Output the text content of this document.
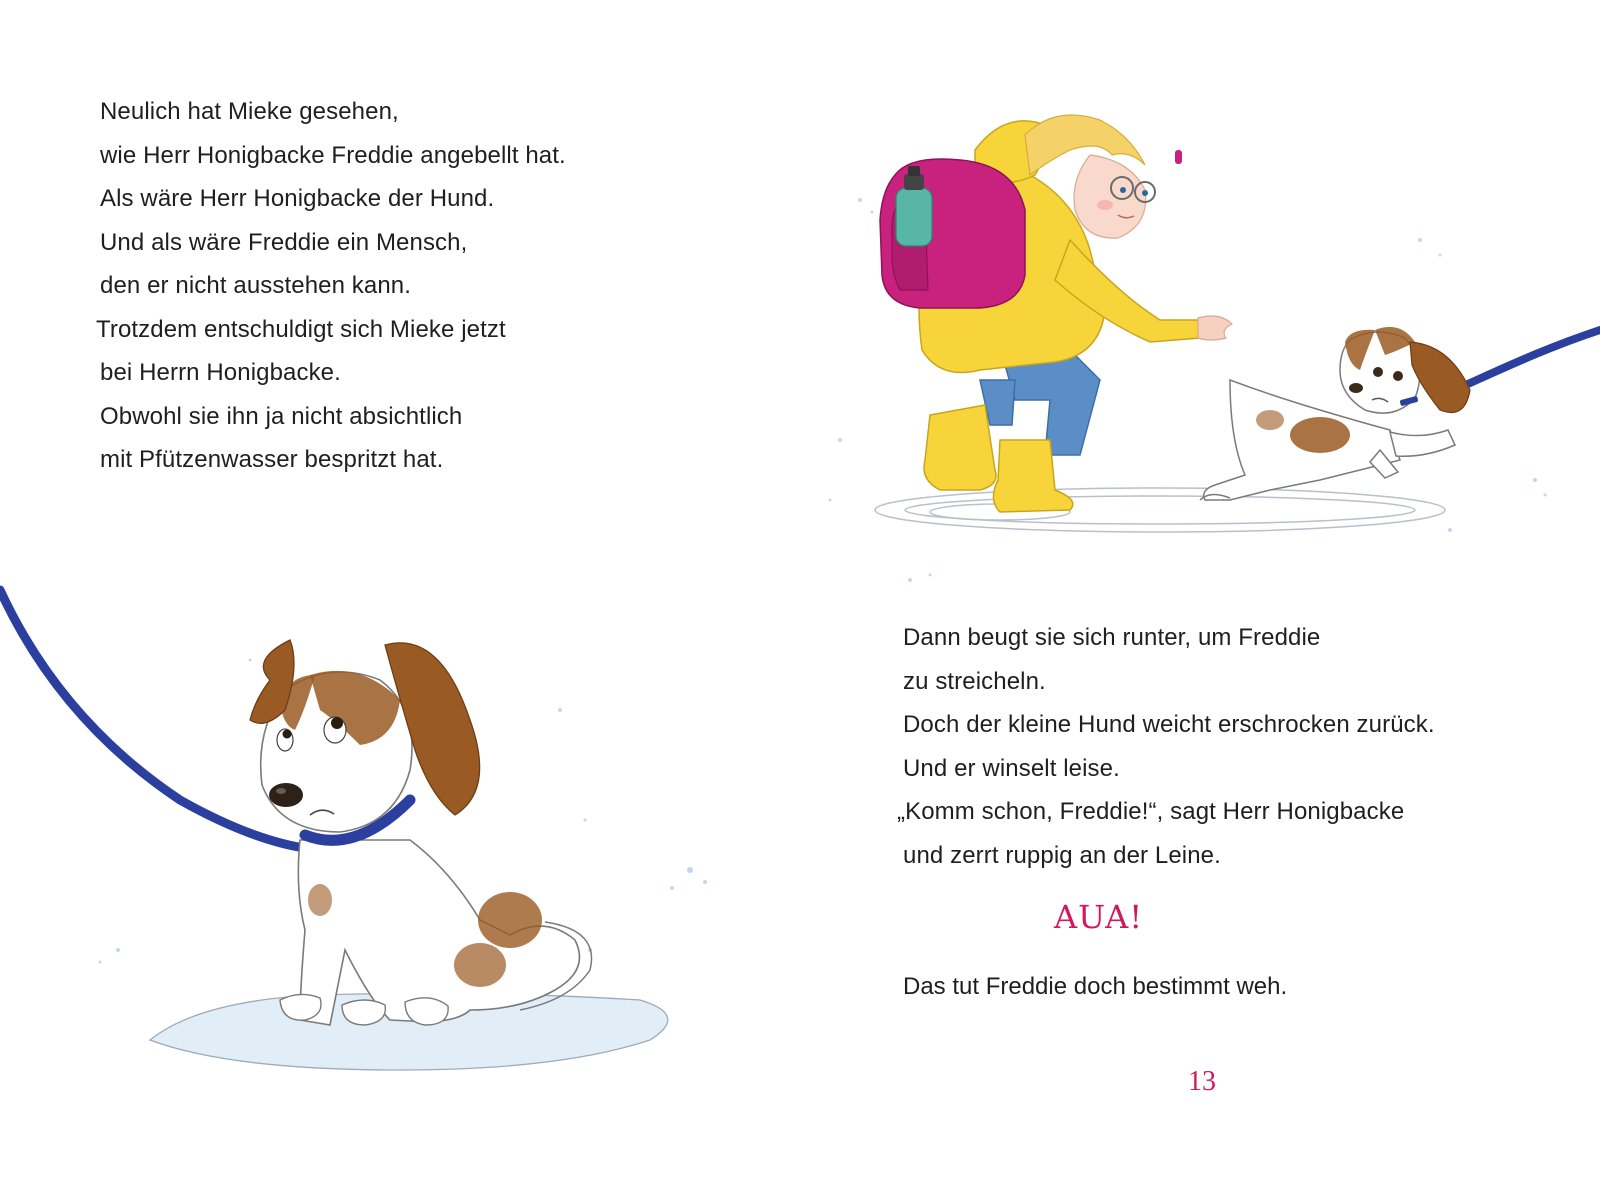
Neulich hat Mieke gesehen,
wie Herr Honigbacke Freddie angebellt hat.
Als wäre Herr Honigbacke der Hund.
Und als wäre Freddie ein Mensch,
den er nicht ausstehen kann.
Trotzdem entschuldigt sich Mieke jetzt
bei Herrn Honigbacke.
Obwohl sie ihn ja nicht absichtlich
mit Pfützenwasser bespritzt hat.
Dann beugt sie sich runter, um Freddie
zu streicheln.
Doch der kleine Hund weicht erschrocken zurück.
Und er winselt leise.
„Komm schon, Freddie!“, sagt Herr Honigbacke
und zerrt ruppig an der Leine.

AUA!

Das tut Freddie doch bestimmt weh.

13
